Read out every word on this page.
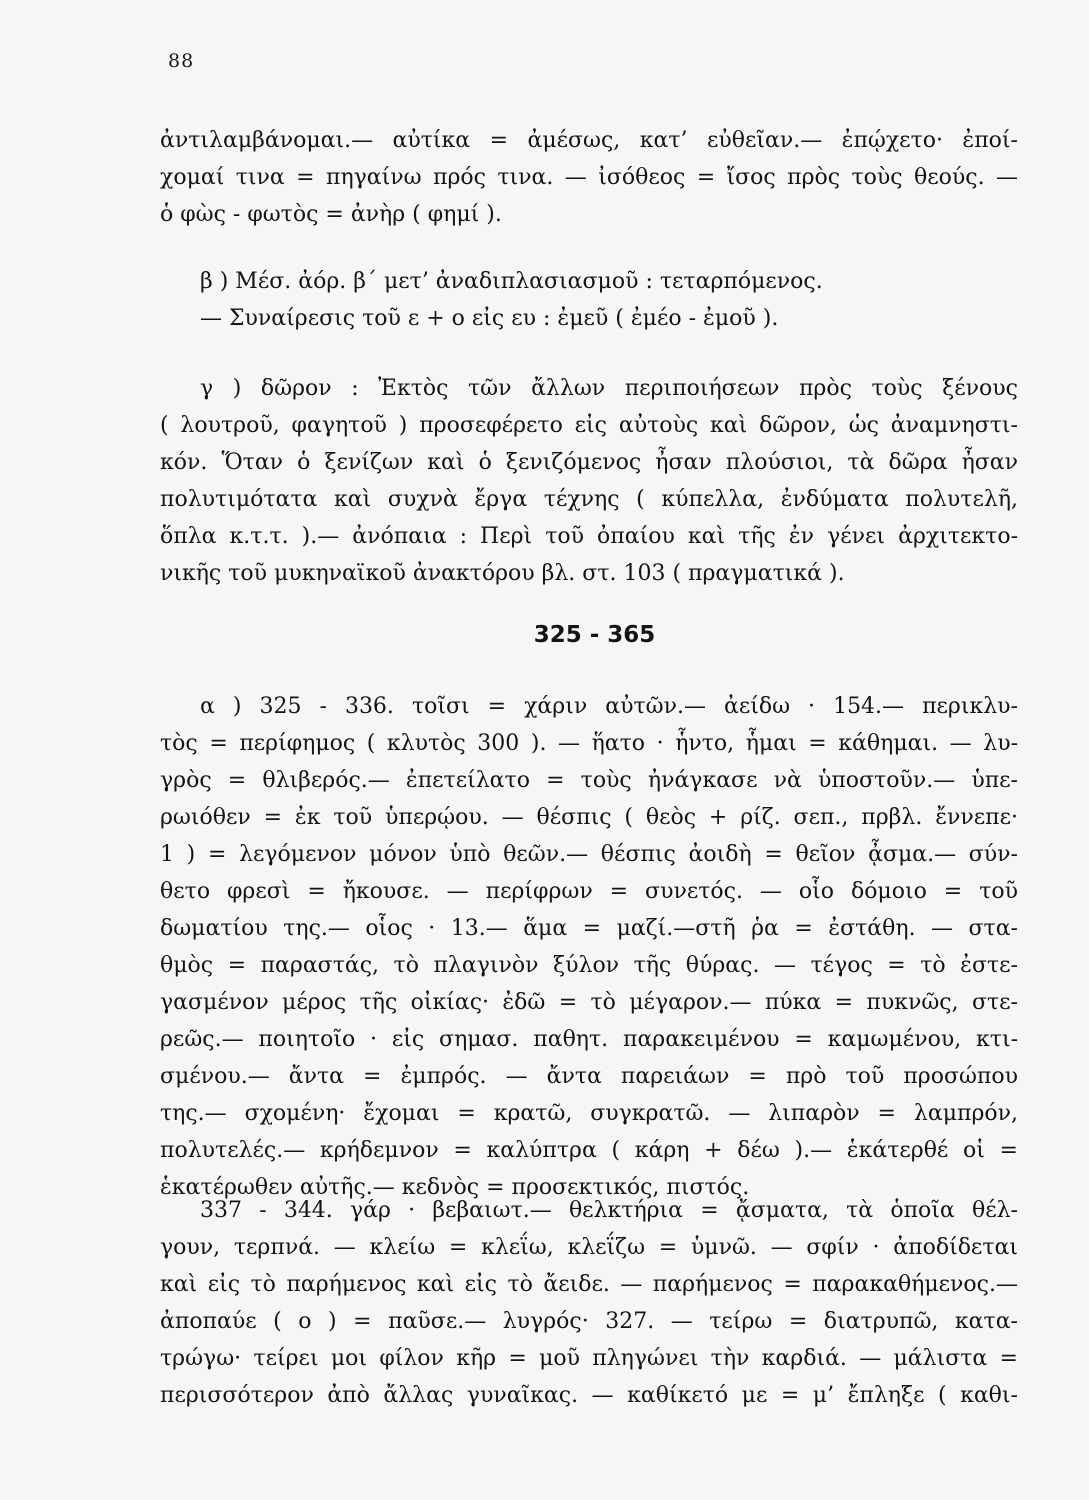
88
ἀντιλαμβάνομαι.— αὐτίκα = ἀμέσως, κατ’ εὐθεῖαν.— ἐπῴχετο· ἐποί-
χομαί τινα = πηγαίνω πρός τινα. — ἰσόθεος = ἴσος πρὸς τοὺς θεούς. —
ὁ φὼς - φωτὸς = ἀνὴρ ( φημί ).
β ) Μέσ. ἀόρ. β΄ μετ’ ἀναδιπλασιασμοῦ : τεταρπόμενος.
— Συναίρεσις τοῦ ε + ο εἰς ευ : ἐμεῦ ( ἐμέο - ἐμοῦ ).
γ ) δῶρον : Ἐκτὸς τῶν ἄλλων περιποιήσεων πρὸς τοὺς ξένους
( λουτροῦ, φαγητοῦ ) προσεφέρετο εἰς αὐτοὺς καὶ δῶρον, ὡς ἀναμνηστι-
κόν. Ὅταν ὁ ξενίζων καὶ ὁ ξενιζόμενος ἦσαν πλούσιοι, τὰ δῶρα ἦσαν
πολυτιμότατα καὶ συχνὰ ἔργα τέχνης ( κύπελλα, ἐνδύματα πολυτελῆ,
ὅπλα κ.τ.τ. ).— ἀνόπαια : Περὶ τοῦ ὀπαίου καὶ τῆς ἐν γένει ἀρχιτεκτο-
νικῆς τοῦ μυκηναϊκοῦ ἀνακτόρου βλ. στ. 103 ( πραγματικά ).
325 - 365
α ) 325 - 336. τοῖσι = χάριν αὐτῶν.— ἀείδω · 154.— περικλυ-
τὸς = περίφημος ( κλυτὸς 300 ). — ἥατο · ἧντο, ἧμαι = κάθημαι. — λυ-
γρὸς = θλιβερός.— ἐπετείλατο = τοὺς ἠνάγκασε νὰ ὑποστοῦν.— ὑπε-
ρωιόθεν = ἐκ τοῦ ὑπερῴου. — θέσπις ( θεὸς + ρίζ. σεπ., πρβλ. ἔννεπε·
1 ) = λεγόμενον μόνον ὑπὸ θεῶν.— θέσπις ἀοιδὴ = θεῖον ᾆσμα.— σύν-
θετο φρεσὶ = ἤκουσε. — περίφρων = συνετός. — οἷο δόμοιο = τοῦ
δωματίου της.— οἷος · 13.— ἅμα = μαζί.—στῆ ῥα = ἐστάθη. — στα-
θμὸς = παραστάς, τὸ πλαγινὸν ξύλον τῆς θύρας. — τέγος = τὸ ἐστε-
γασμένον μέρος τῆς οἰκίας· ἐδῶ = τὸ μέγαρον.— πύκα = πυκνῶς, στε-
ρεῶς.— ποιητοῖο · εἰς σημασ. παθητ. παρακειμένου = καμωμένου, κτι-
σμένου.— ἄντα = ἐμπρός. — ἄντα παρειάων = πρὸ τοῦ προσώπου
της.— σχομένη· ἔχομαι = κρατῶ, συγκρατῶ. — λιπαρὸν = λαμπρόν,
πολυτελές.— κρήδεμνον = καλύπτρα ( κάρη + δέω ).— ἑκάτερθέ οἱ =
ἑκατέρωθεν αὐτῆς.— κεδνὸς = προσεκτικός, πιστός.
337 - 344. γάρ · βεβαιωτ.— θελκτήρια = ᾄσματα, τὰ ὁποῖα θέλ-
γουν, τερπνά. — κλείω = κλεΐω, κλεΐζω = ὑμνῶ. — σφίν · ἀποδίδεται
καὶ εἰς τὸ παρήμενος καὶ εἰς τὸ ἄειδε. — παρήμενος = παρακαθήμενος.—
ἀποπαύε ( ο ) = παῦσε.— λυγρός· 327. — τείρω = διατρυπῶ, κατα-
τρώγω· τείρει μοι φίλον κῆρ = μοῦ πληγώνει τὴν καρδιά. — μάλιστα =
περισσότερον ἀπὸ ἄλλας γυναῖκας. — καθίκετό με = μ’ ἔπληξε ( καθι-
